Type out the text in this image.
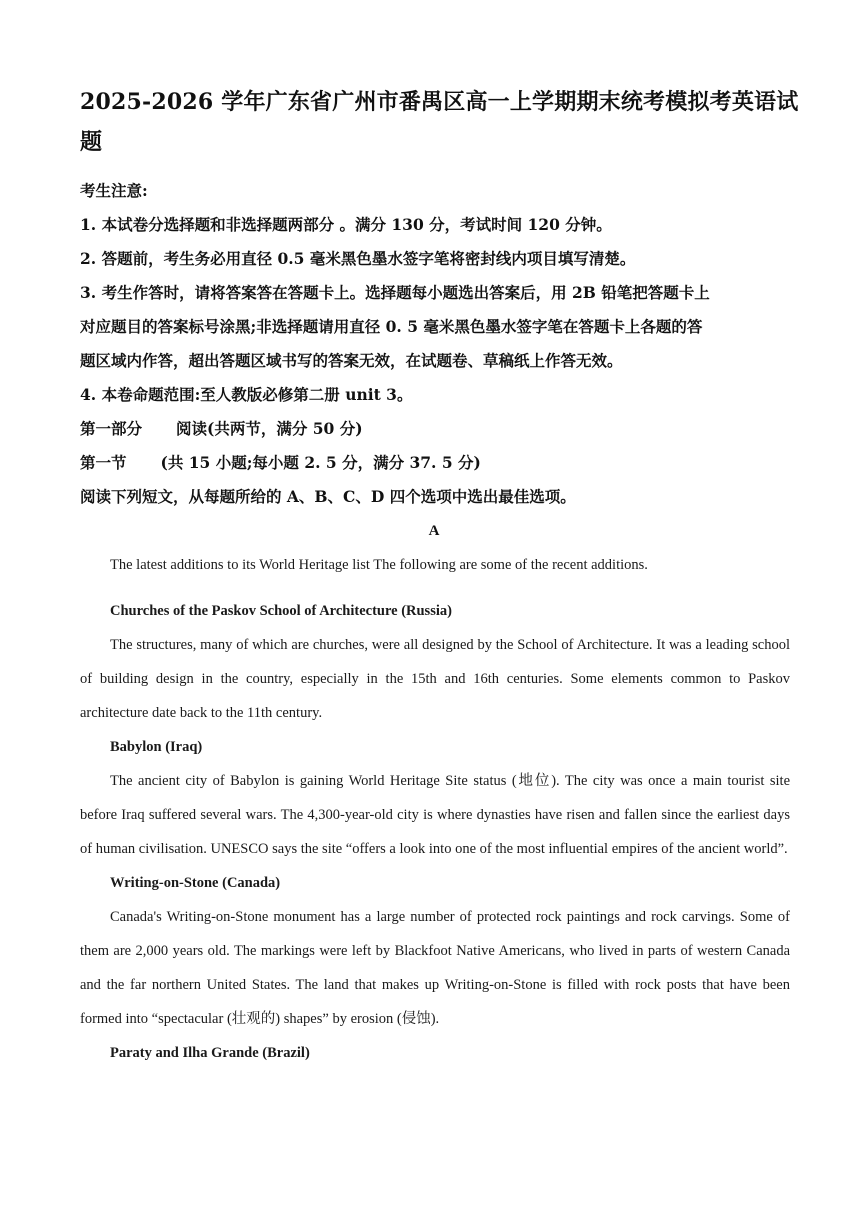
2025-2026 学年广东省广州市番禺区高一上学期期末统考模拟考英语试题
考生注意:
1. 本试卷分选择题和非选择题两部分 。满分 130 分，考试时间 120 分钟。
2. 答题前，考生务必用直径 0.5 毫米黑色墨水签字笔将密封线内项目填写清楚。
3. 考生作答时，请将答案答在答题卡上。选择题每小题选出答案后，用 2B 铅笔把答题卡上
对应题目的答案标号涂黑;非选择题请用直径 0. 5 毫米黑色墨水签字笔在答题卡上各题的答
题区域内作答，超出答题区域书写的答案无效，在试题卷、草稿纸上作答无效。
4. 本卷命题范围:至人教版必修第二册 unit 3。
第一部分 阅读(共两节，满分 50 分)
第一节 (共 15 小题;每小题 2. 5 分，满分 37. 5 分)
阅读下列短文，从每题所给的 A、B、C、D 四个选项中选出最佳选项。
A

The latest additions to its World Heritage list The following are some of the recent additions.

Churches of the Paskov School of Architecture (Russia)

The structures, many of which are churches, were all designed by the School of Architecture. It was a leading school of building design in the country, especially in the 15th and 16th centuries. Some elements common to Paskov architecture date back to the 11th century.

Babylon (Iraq)

The ancient city of Babylon is gaining World Heritage Site status (地位). The city was once a main tourist site before Iraq suffered several wars. The 4,300-year-old city is where dynasties have risen and fallen since the earliest days of human civilisation. UNESCO says the site “offers a look into one of the most influential empires of the ancient world”.

Writing-on-Stone (Canada)

Canada's Writing-on-Stone monument has a large number of protected rock paintings and rock carvings. Some of them are 2,000 years old. The markings were left by Blackfoot Native Americans, who lived in parts of western Canada and the far northern United States. The land that makes up Writing-on-Stone is filled with rock posts that have been formed into “spectacular (壮观的) shapes” by erosion (侵蚀).

Paraty and Ilha Grande (Brazil)
